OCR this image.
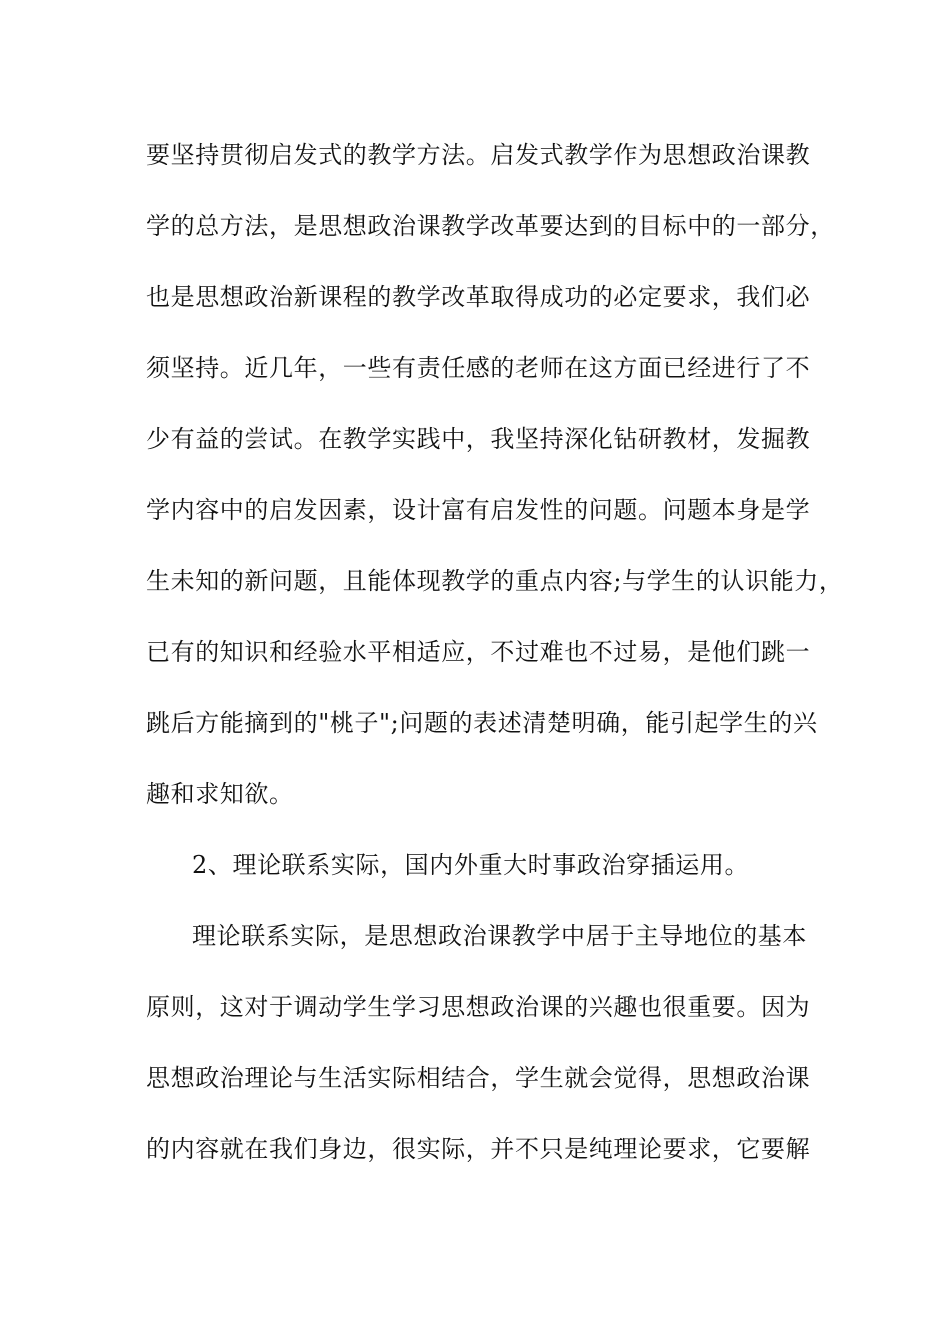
要坚持贯彻启发式的教学方法。启发式教学作为思想政治课教
学的总方法，是思想政治课教学改革要达到的目标中的一部分，
也是思想政治新课程的教学改革取得成功的必定要求，我们必
须坚持。近几年，一些有责任感的老师在这方面已经进行了不
少有益的尝试。在教学实践中，我坚持深化钻研教材，发掘教
学内容中的启发因素，设计富有启发性的问题。问题本身是学
生未知的新问题，且能体现教学的重点内容;与学生的认识能力，
已有的知识和经验水平相适应，不过难也不过易，是他们跳一
跳后方能摘到的"桃子";问题的表述清楚明确，能引起学生的兴
趣和求知欲。
2、理论联系实际，国内外重大时事政治穿插运用。
理论联系实际，是思想政治课教学中居于主导地位的基本
原则，这对于调动学生学习思想政治课的兴趣也很重要。因为
思想政治理论与生活实际相结合，学生就会觉得，思想政治课
的内容就在我们身边，很实际，并不只是纯理论要求，它要解
